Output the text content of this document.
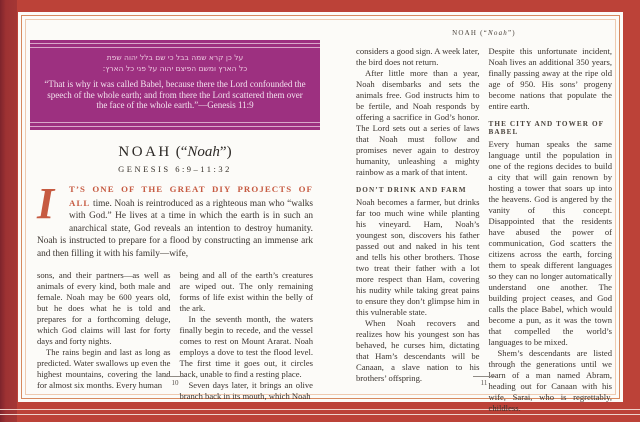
על כן קרא שמה בבל כי שם בלל יהוה שפת
כל הארץ ומשם הפיצם יהוה על פני כל הארץ:
“That is why it was called Babel, because there the Lord confounded the speech of the whole earth; and from there the Lord scattered them over the face of the whole earth.”—Genesis 11:9
NOAH (“Noah”)
GENESIS 6:9–11:32

I	T’S ONE OF THE GREAT DIY PROJECTS OF ALL time. Noah is reintroduced as a righteous man who “walks with God.” He lives at a time in which the earth is in such an anarchical state, God reveals an intention to destroy humanity. Noah is instructed to prepare for a flood by constructing an immense ark and then filling it with his family—wife,

sons, and their partners—as well as animals of every kind, both male and female. Noah may be 600 years old, but he does what he is told and prepares for a forthcoming deluge, which God claims will last for forty days and forty nights.

The rains begin and last as long as predicted. Water swallows up even the highest mountains, covering the land for almost six months. Every human

being and all of the earth’s creatures are wiped out. The only remaining forms of life exist within the belly of the ark.

In the seventh month, the waters finally begin to recede, and the vessel comes to rest on Mount Ararat. Noah employs a dove to test the flood level. The first time it goes out, it circles back, unable to find a resting place.

Seven days later, it brings an olive branch back in its mouth, which Noah

10
NOAH (“Noah”)

considers a good sign. A week later, the bird does not return.

After little more than a year, Noah disembarks and sets the animals free. God instructs him to be fertile, and Noah responds by offering a sacrifice in God’s honor. The Lord sets out a series of laws that Noah must follow and promises never again to destroy humanity, unleashing a mighty rainbow as a mark of that intent.

DON’T DRINK AND FARM

Noah becomes a farmer, but drinks far too much wine while planting his vineyard. Ham, Noah’s youngest son, discovers his father passed out and naked in his tent and tells his other brothers. Those two treat their father with a lot more respect than Ham, covering his nudity while taking great pains to ensure they don’t glimpse him in this vulnerable state.

When Noah recovers and realizes how his youngest son has behaved, he curses him, dictating that Ham’s descendants will be Canaan, a slave nation to his brothers’ offspring.

Despite this unfortunate incident, Noah lives an additional 350 years, finally passing away at the ripe old age of 950. His sons’ progeny become nations that populate the entire earth.

THE CITY AND TOWER OF BABEL

Every human speaks the same language until the population in one of the regions decides to build a city that will gain renown by hosting a tower that soars up into the heavens. God is angered by the vanity of this concept. Disappointed that the residents have abused the power of communication, God scatters the citizens across the earth, forcing them to speak different languages so they can no longer automatically understand one another. The building project ceases, and God calls the place Babel, which would become a pun, as it was the town that compelled the world’s languages to be mixed.

Shem’s descendants are listed through the generations until we learn of a man named Abram, heading out for Canaan with his wife, Sarai, who is regrettably, childless.

11
